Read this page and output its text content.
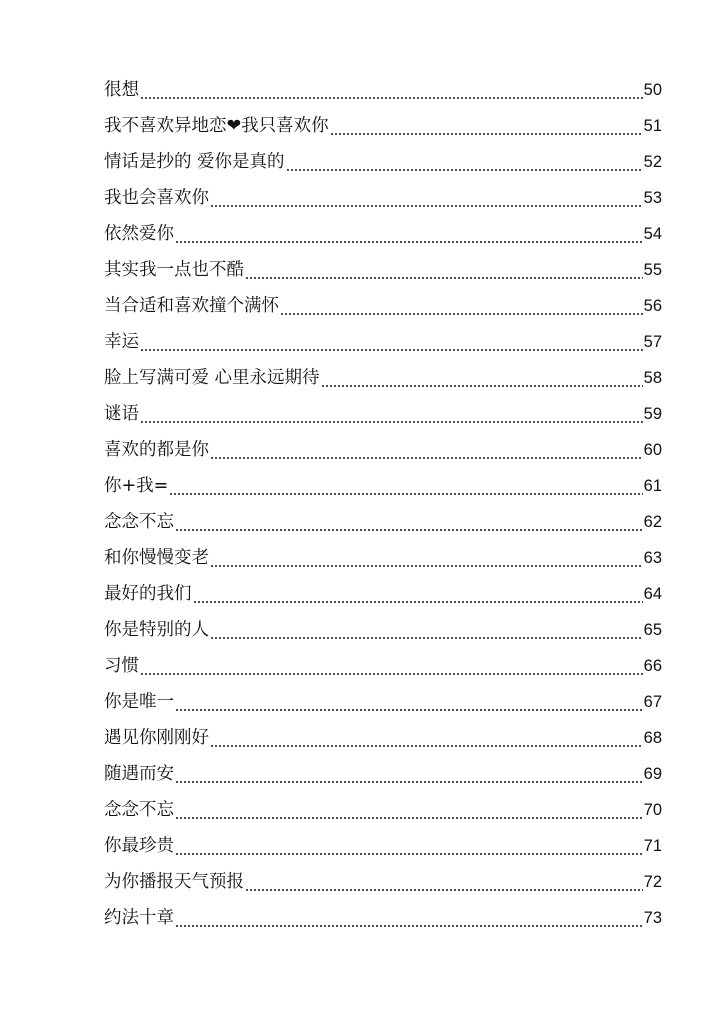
很想	50
我不喜欢异地恋❤我只喜欢你	51
情话是抄的 爱你是真的	52
我也会喜欢你	53
依然爱你	54
其实我一点也不酷	55
当合适和喜欢撞个满怀	56
幸运	57
脸上写满可爱 心里永远期待	58
谜语	59
喜欢的都是你	60
你+我=	61
念念不忘	62
和你慢慢变老	63
最好的我们	64
你是特别的人	65
习惯	66
你是唯一	67
遇见你刚刚好	68
随遇而安	69
念念不忘	70
你最珍贵	71
为你播报天气预报	72
约法十章	73
